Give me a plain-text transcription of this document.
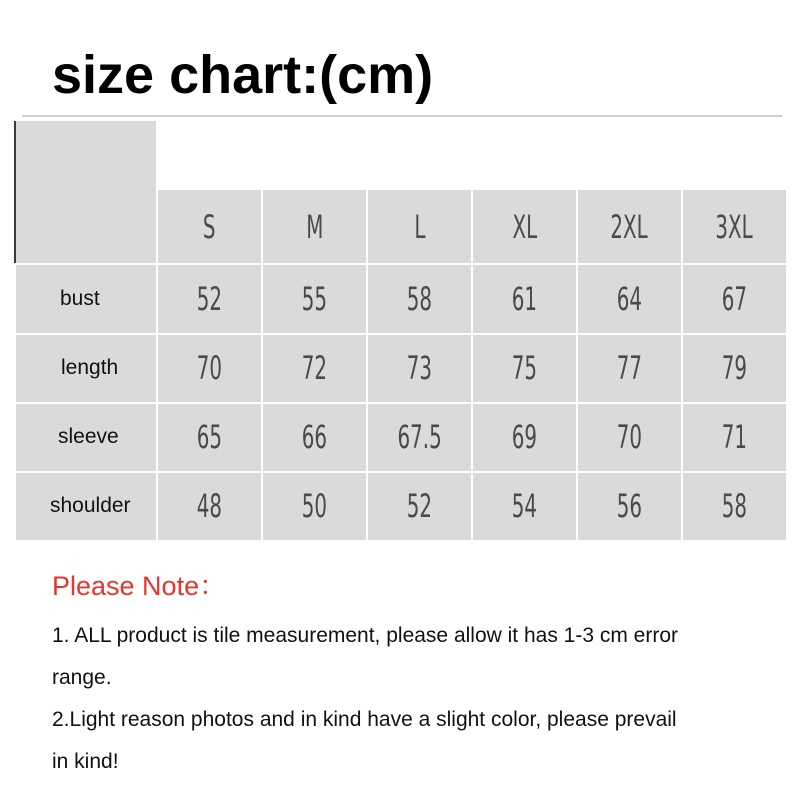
size chart:(cm)

	S	M	L	XL	2XL	3XL
bust	52	55	58	61	64	67
length	70	72	73	75	77	79
sleeve	65	66	67.5	69	70	71
shoulder	48	50	52	54	56	58
Please Note：
1. ALL product is tile measurement, please allow it has 1-3 cm error
range.
2.Light reason photos and in kind have a slight color, please prevail
in kind!
